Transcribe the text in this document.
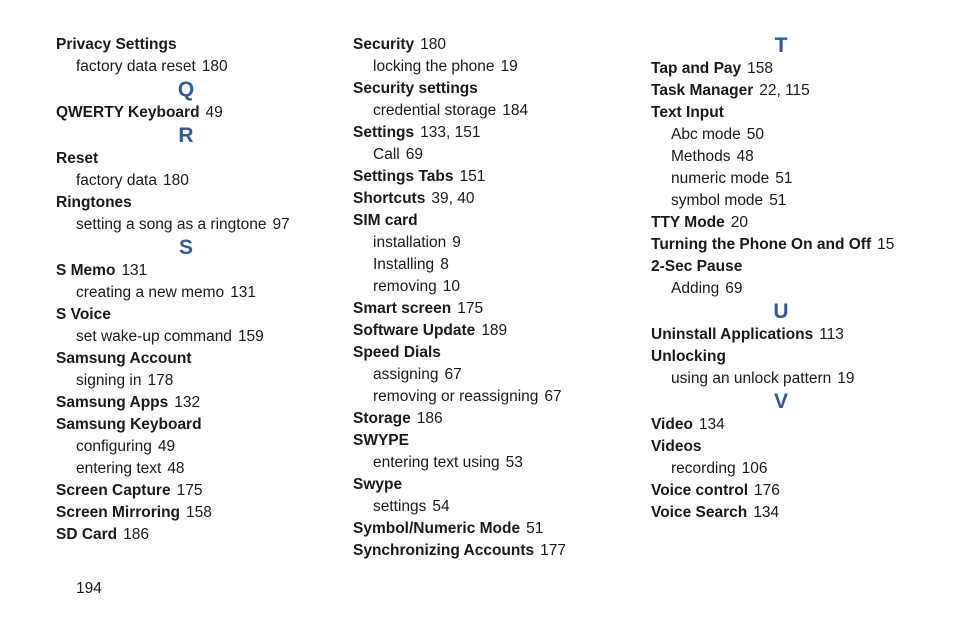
Privacy Settings
factory data reset 180
Q
QWERTY Keyboard 49
R
Reset
factory data 180
Ringtones
setting a song as a ringtone 97
S
S Memo 131
creating a new memo 131
S Voice
set wake-up command 159
Samsung Account
signing in 178
Samsung Apps 132
Samsung Keyboard
configuring 49
entering text 48
Screen Capture 175
Screen Mirroring 158
SD Card 186
Security 180
locking the phone 19
Security settings
credential storage 184
Settings 133, 151
Call 69
Settings Tabs 151
Shortcuts 39, 40
SIM card
installation 9
Installing 8
removing 10
Smart screen 175
Software Update 189
Speed Dials
assigning 67
removing or reassigning 67
Storage 186
SWYPE
entering text using 53
Swype
settings 54
Symbol/Numeric Mode 51
Synchronizing Accounts 177
T
Tap and Pay 158
Task Manager 22, 115
Text Input
Abc mode 50
Methods 48
numeric mode 51
symbol mode 51
TTY Mode 20
Turning the Phone On and Off 15
2-Sec Pause
Adding 69
U
Uninstall Applications 113
Unlocking
using an unlock pattern 19
V
Video 134
Videos
recording 106
Voice control 176
Voice Search 134
194
